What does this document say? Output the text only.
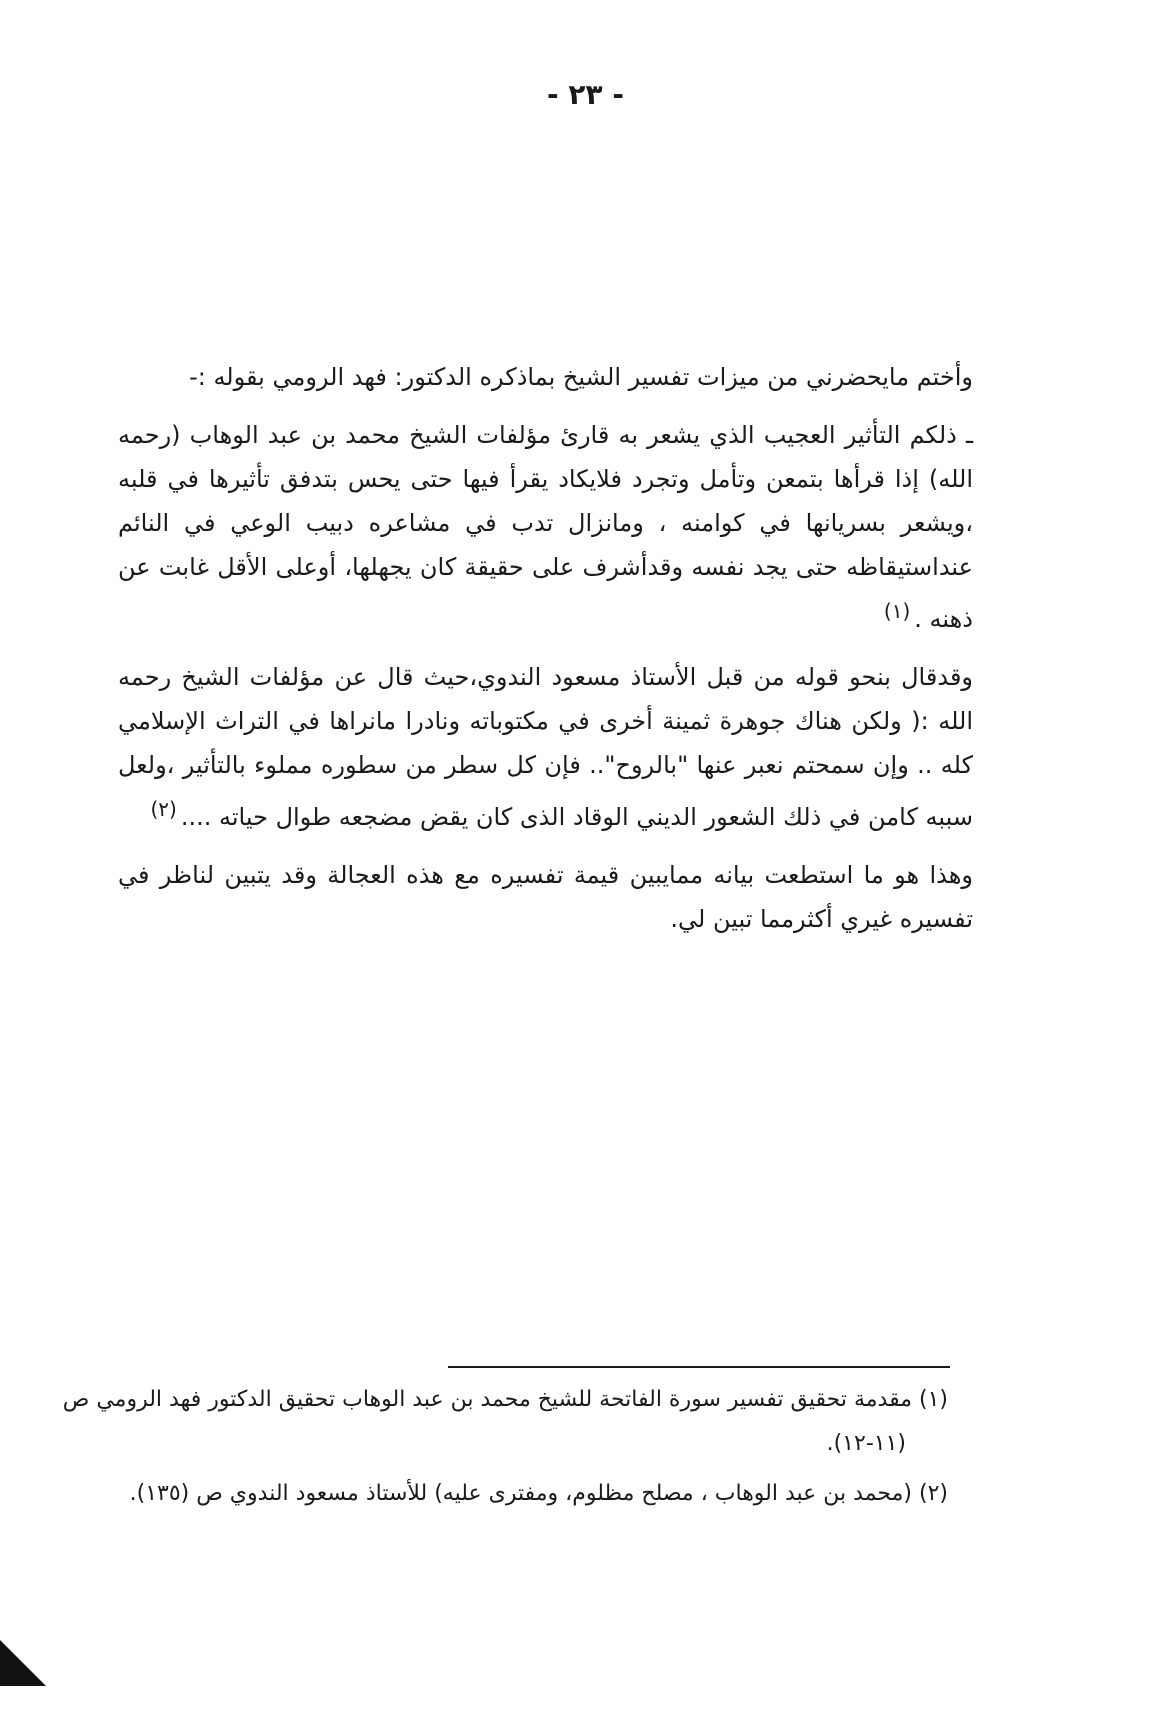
- ٢٣ -

وأختم مايحضرني من ميزات تفسير الشيخ بماذكره الدكتور: فهد الرومي بقوله :-

ـ ذلكم التأثير العجيب الذي يشعر به قارئ مؤلفات الشيخ محمد بن عبد الوهاب (رحمه الله) إذا قرأها بتمعن وتأمل وتجرد فلايكاد يقرأ فيها حتى يحس بتدفق تأثيرها في قلبه ،ويشعر بسريانها في كوامنه ، ومانزال تدب في مشاعره دبيب الوعي في النائم عنداستيقاظه حتى يجد نفسه وقدأشرف على حقيقة كان يجهلها، أوعلى الأقل غابت عن ذهنه .$^{(١)}$

وقدقال بنحو قوله من قبل الأستاذ مسعود الندوي،حيث قال عن مؤلفات الشيخ رحمه الله :( ولكن هناك جوهرة ثمينة أخرى في مكتوباته ونادرا مانراها في التراث الإسلامي كله .. وإن سمحتم نعبر عنها "بالروح".. فإن كل سطر من سطوره مملوء بالتأثير ،ولعل سببه كامن في ذلك الشعور الديني الوقاد الذى كان يقض مضجعه طوال حياته ....$^{(٢)}$

وهذا هو ما استطعت بيانه ممايبين قيمة تفسيره مع هذه العجالة وقد يتبين لناظر في تفسيره غيري أكثرمما تبين لي.

(١) مقدمة تحقيق تفسير سورة الفاتحة للشيخ محمد بن عبد الوهاب تحقيق الدكتور فهد الرومي ص (١١-١٢).

(٢) (محمد بن عبد الوهاب ، مصلح مظلوم، ومفترى عليه) للأستاذ مسعود الندوي ص (١٣٥).
